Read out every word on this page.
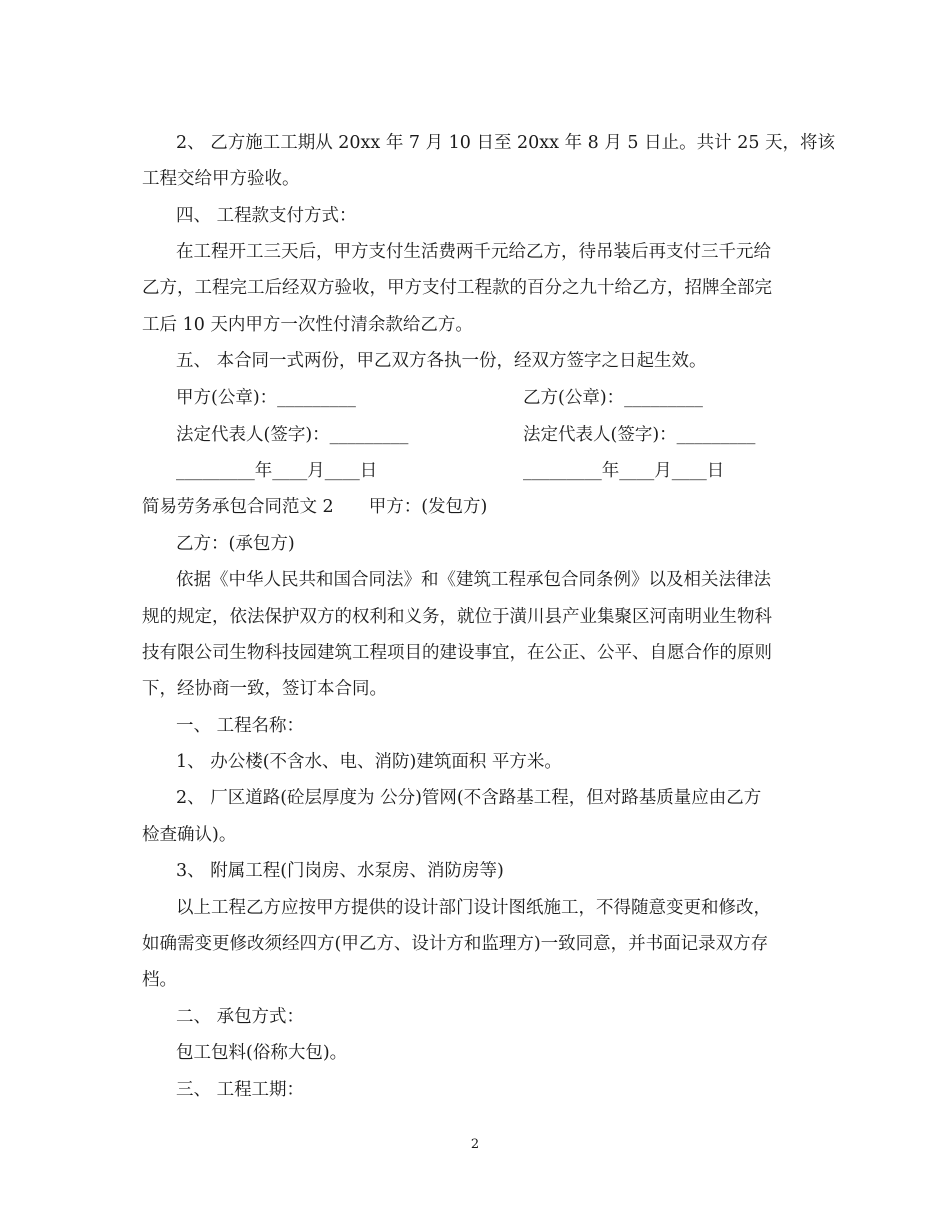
2、 乙方施工工期从 20xx 年 7 月 10 日至 20xx 年 8 月 5 日止。共计 25 天，将该
工程交给甲方验收。
四、 工程款支付方式：
在工程开工三天后，甲方支付生活费两千元给乙方，待吊装后再支付三千元给
乙方，工程完工后经双方验收，甲方支付工程款的百分之九十给乙方，招牌全部完
工后 10 天内甲方一次性付清余款给乙方。
五、 本合同一式两份，甲乙双方各执一份，经双方签字之日起生效。
甲方(公章)：_________	乙方(公章)：_________
法定代表人(签字)：_________	法定代表人(签字)：_________
_________年____月____日	_________年____月____日
简易劳务承包合同范文 2　　甲方：(发包方)
乙方：(承包方)
依据《中华人民共和国合同法》和《建筑工程承包合同条例》以及相关法律法
规的规定，依法保护双方的权利和义务，就位于潢川县产业集聚区河南明业生物科
技有限公司生物科技园建筑工程项目的建设事宜，在公正、公平、自愿合作的原则
下，经协商一致，签订本合同。
一、 工程名称：
1、 办公楼(不含水、电、消防)建筑面积 平方米。
2、 厂区道路(砼层厚度为 公分)管网(不含路基工程，但对路基质量应由乙方
检查确认)。
3、 附属工程(门岗房、水泵房、消防房等)
以上工程乙方应按甲方提供的设计部门设计图纸施工，不得随意变更和修改，
如确需变更修改须经四方(甲乙方、设计方和监理方)一致同意，并书面记录双方存
档。
二、 承包方式：
包工包料(俗称大包)。
三、 工程工期：
2
